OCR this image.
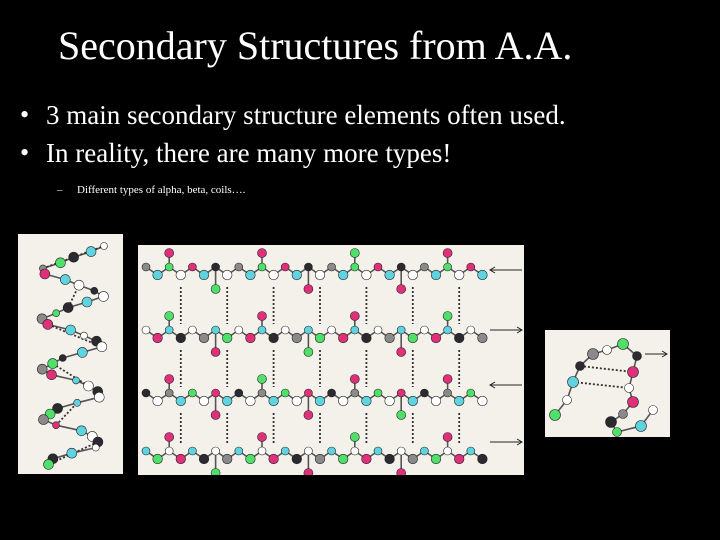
Secondary Structures from A.A.
• 3 main secondary structure elements often used.
• In reality, there are many more types!
– Different types of alpha, beta, coils….
